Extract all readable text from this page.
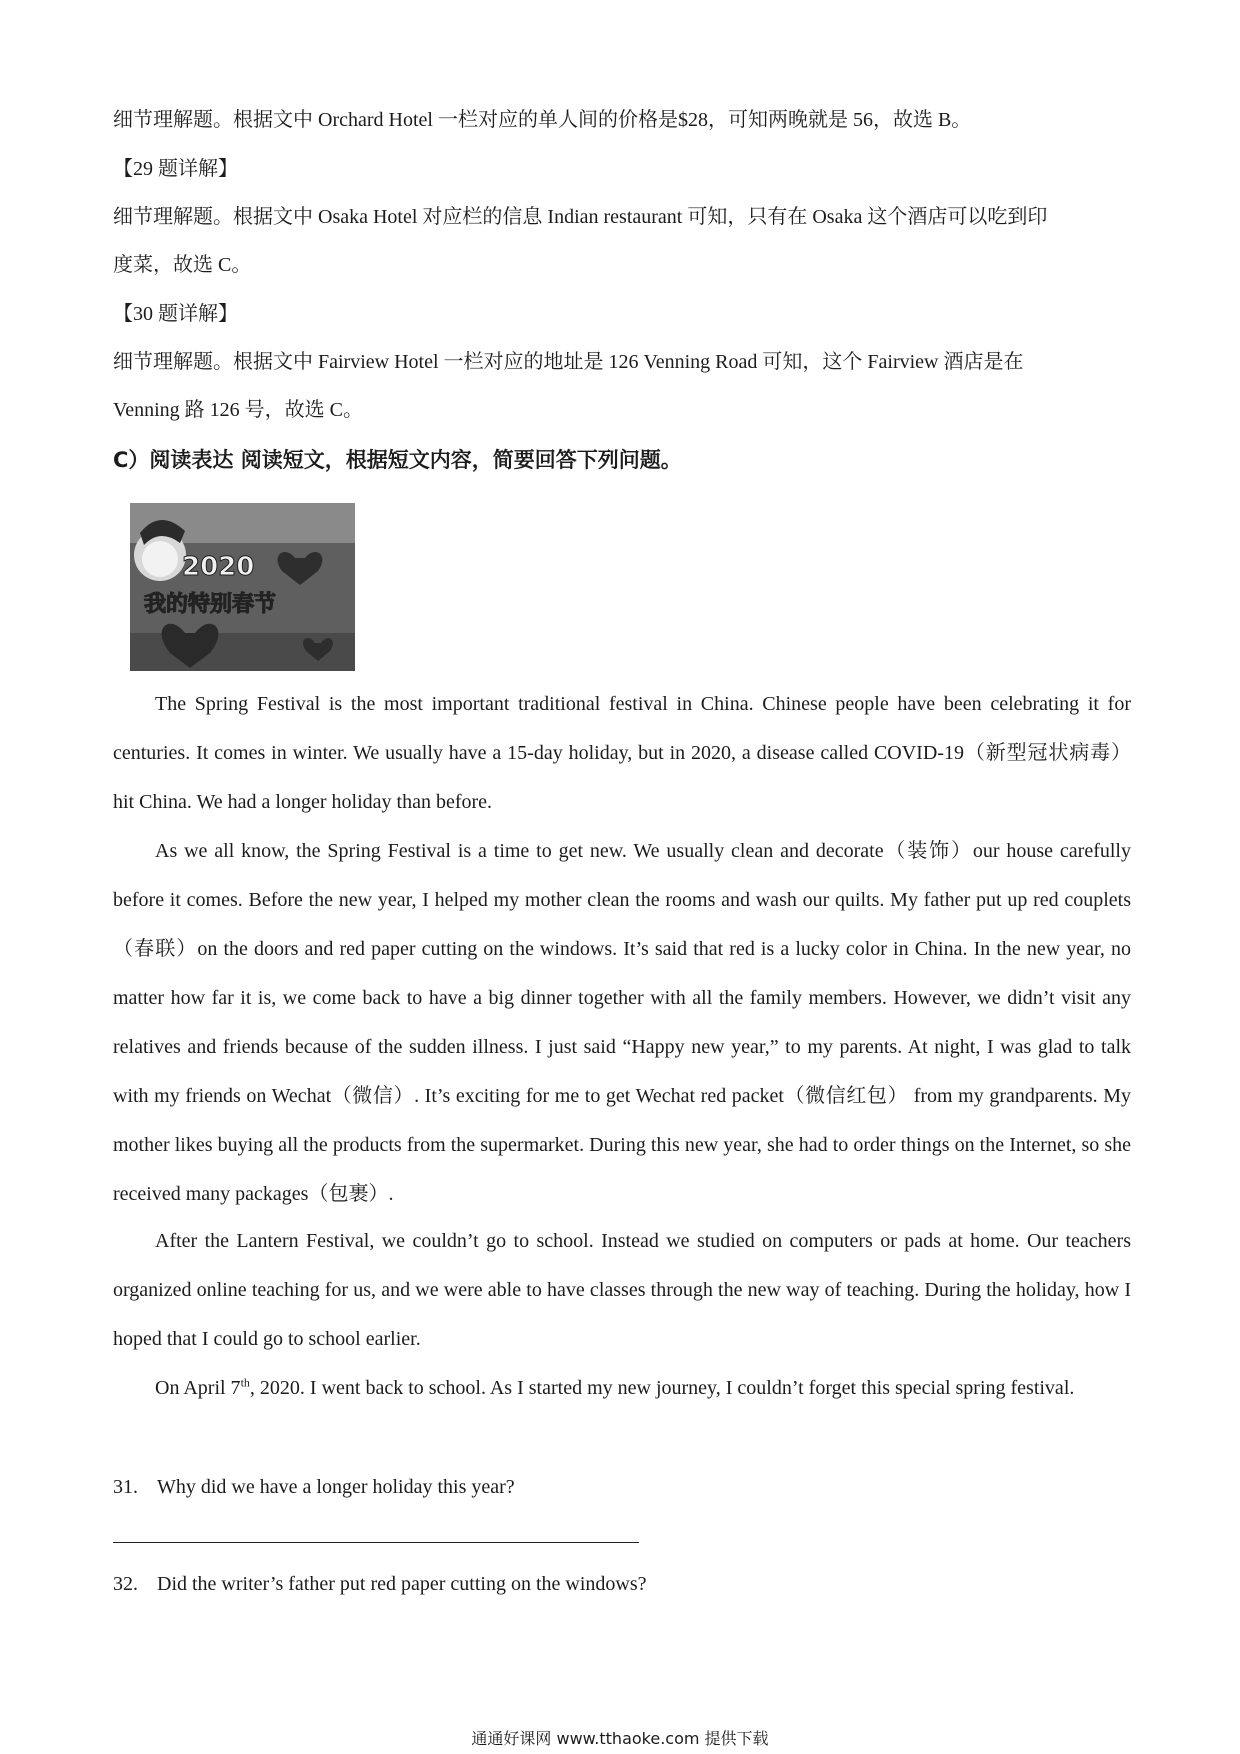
细节理解题。根据文中 Orchard Hotel 一栏对应的单人间的价格是$28，可知两晚就是 56，故选 B。
【29 题详解】
细节理解题。根据文中 Osaka Hotel 对应栏的信息 Indian restaurant 可知，只有在 Osaka 这个酒店可以吃到印
度菜，故选 C。
【30 题详解】
细节理解题。根据文中 Fairview Hotel 一栏对应的地址是 126 Venning Road 可知，这个 Fairview 酒店是在
Venning 路 126 号，故选 C。
C）阅读表达 阅读短文，根据短文内容，简要回答下列问题。
2020
我的特别春节
The Spring Festival is the most important traditional festival in China. Chinese people have been celebrating it for centuries. It comes in winter. We usually have a 15-day holiday, but in 2020, a disease called COVID-19（新型冠状病毒） hit China. We had a longer holiday than before.
As we all know, the Spring Festival is a time to get new. We usually clean and decorate（装饰）our house carefully before it comes. Before the new year, I helped my mother clean the rooms and wash our quilts. My father put up red couplets（春联）on the doors and red paper cutting on the windows. It’s said that red is a lucky color in China. In the new year, no matter how far it is, we come back to have a big dinner together with all the family members. However, we didn’t visit any relatives and friends because of the sudden illness. I just said “Happy new year,” to my parents. At night, I was glad to talk with my friends on Wechat（微信）. It’s exciting for me to get Wechat red packet（微信红包） from my grandparents. My mother likes buying all the products from the supermarket. During this new year, she had to order things on the Internet, so she received many packages（包裹）.
After the Lantern Festival, we couldn’t go to school. Instead we studied on computers or pads at home. Our teachers organized online teaching for us, and we were able to have classes through the new way of teaching. During the holiday, how I hoped that I could go to school earlier.
On April 7th, 2020. I went back to school. As I started my new journey, I couldn’t forget this special spring festival.
31. Why did we have a longer holiday this year?
32. Did the writer’s father put red paper cutting on the windows?
通通好课网 www.tthaoke.com 提供下载
